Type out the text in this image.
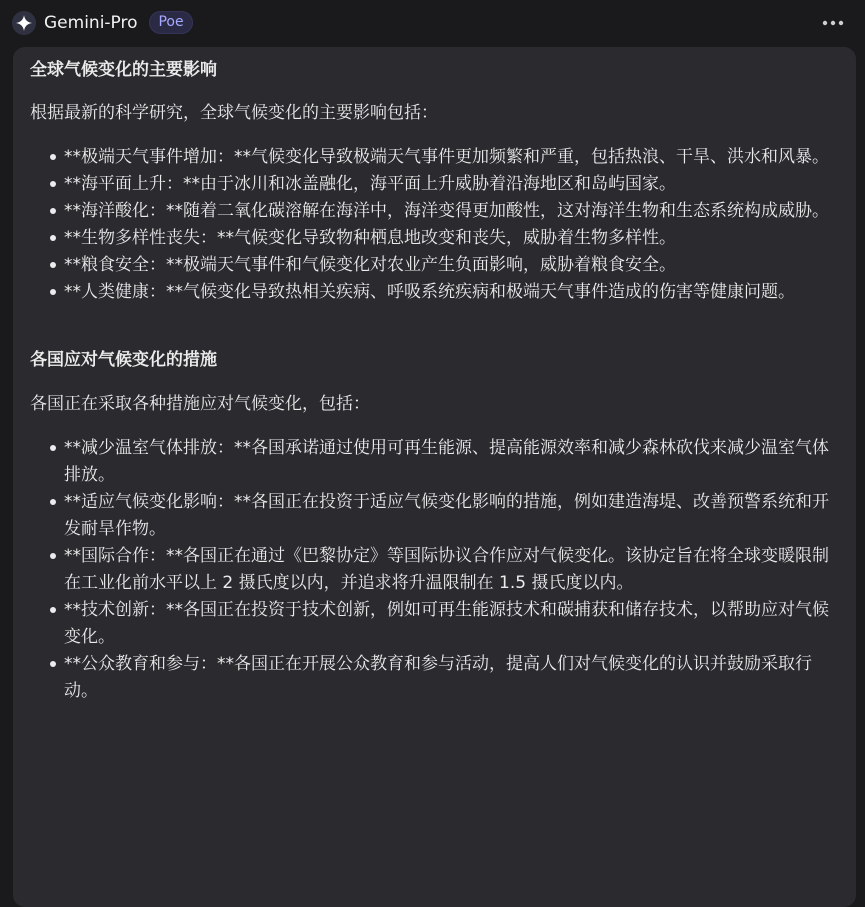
Gemini-Pro	Poe
全球气候变化的主要影响
根据最新的科学研究，全球气候变化的主要影响包括：
**极端天气事件增加：**气候变化导致极端天气事件更加频繁和严重，包括热浪、干旱、洪水和风暴。
**海平面上升：**由于冰川和冰盖融化，海平面上升威胁着沿海地区和岛屿国家。
**海洋酸化：**随着二氧化碳溶解在海洋中，海洋变得更加酸性，这对海洋生物和生态系统构成威胁。
**生物多样性丧失：**气候变化导致物种栖息地改变和丧失，威胁着生物多样性。
**粮食安全：**极端天气事件和气候变化对农业产生负面影响，威胁着粮食安全。
**人类健康：**气候变化导致热相关疾病、呼吸系统疾病和极端天气事件造成的伤害等健康问题。
各国应对气候变化的措施
各国正在采取各种措施应对气候变化，包括：
**减少温室气体排放：**各国承诺通过使用可再生能源、提高能源效率和减少森林砍伐来减少温室气体排放。
**适应气候变化影响：**各国正在投资于适应气候变化影响的措施，例如建造海堤、改善预警系统和开发耐旱作物。
**国际合作：**各国正在通过《巴黎协定》等国际协议合作应对气候变化。该协定旨在将全球变暖限制在工业化前水平以上 2 摄氏度以内，并追求将升温限制在 1.5 摄氏度以内。
**技术创新：**各国正在投资于技术创新，例如可再生能源技术和碳捕获和储存技术，以帮助应对气候变化。
**公众教育和参与：**各国正在开展公众教育和参与活动，提高人们对气候变化的认识并鼓励采取行动。
